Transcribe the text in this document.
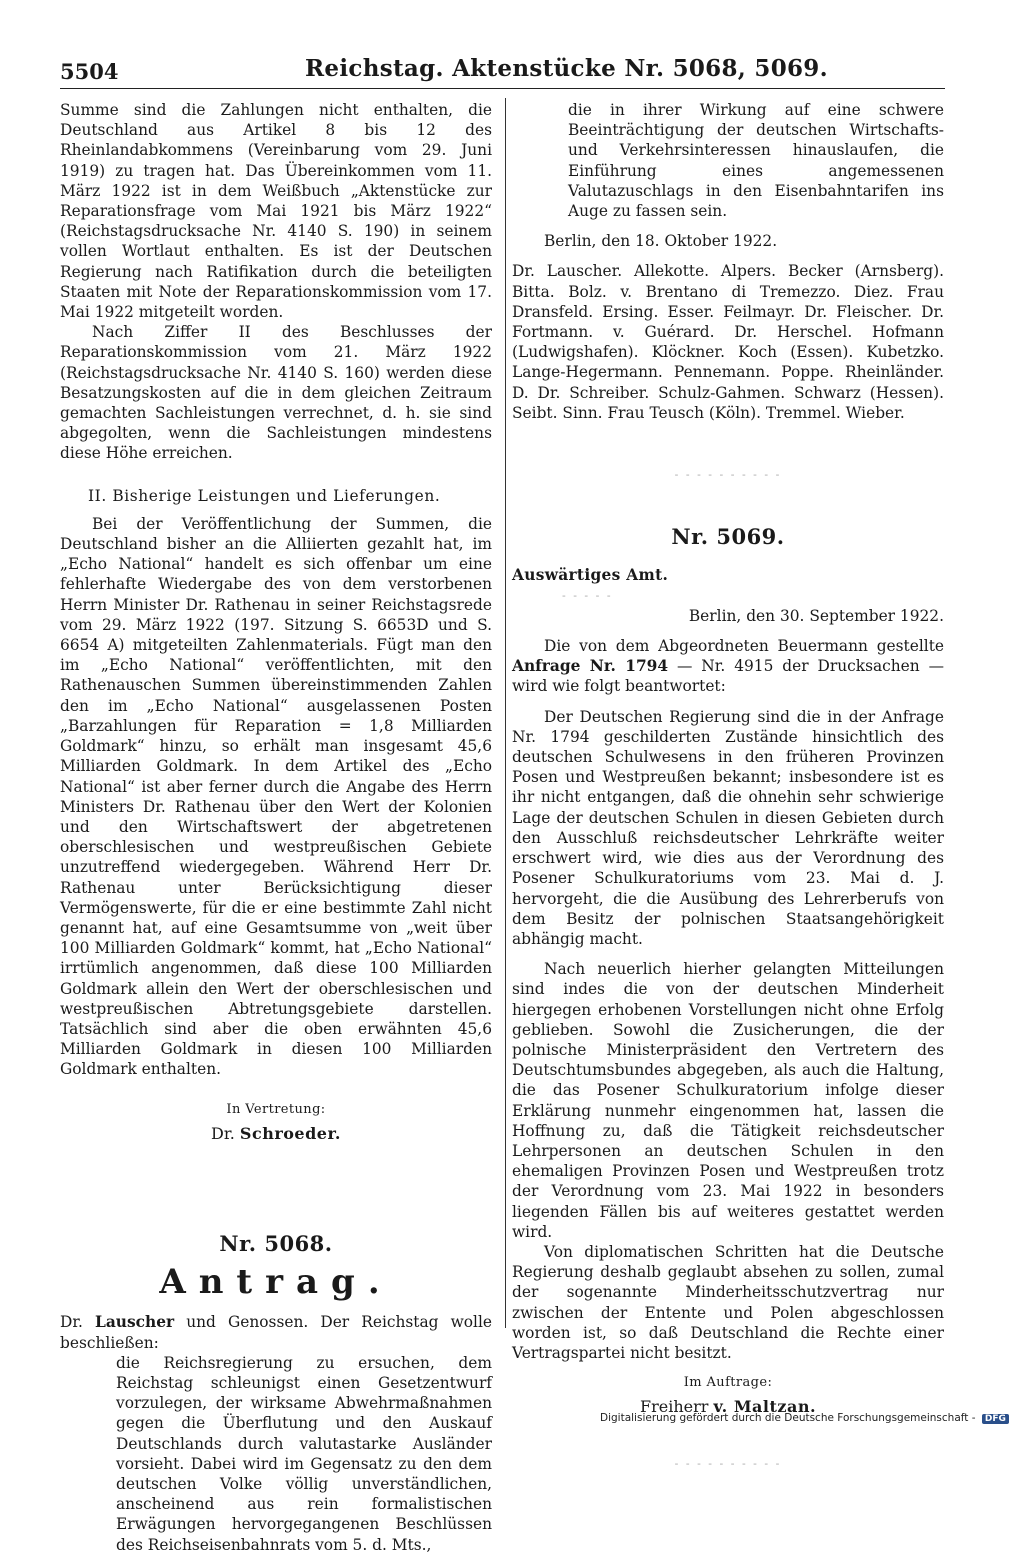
5504	Reichstag. Aktenstücke Nr. 5068, 5069.

Summe sind die Zahlungen nicht enthalten, die Deutschland aus Artikel 8 bis 12 des Rheinlandabkommens (Vereinbarung vom 29. Juni 1919) zu tragen hat. Das Übereinkommen vom 11. März 1922 ist in dem Weißbuch „Aktenstücke zur Reparationsfrage vom Mai 1921 bis März 1922“ (Reichstagsdrucksache Nr. 4140 S. 190) in seinem vollen Wortlaut enthalten. Es ist der Deutschen Regierung nach Ratifikation durch die beteiligten Staaten mit Note der Reparationskommission vom 17. Mai 1922 mitgeteilt worden.

Nach Ziffer II des Beschlusses der Reparationskommission vom 21. März 1922 (Reichstagsdrucksache Nr. 4140 S. 160) werden diese Besatzungskosten auf die in dem gleichen Zeitraum gemachten Sachleistungen verrechnet, d. h. sie sind abgegolten, wenn die Sachleistungen mindestens diese Höhe erreichen.

II. Bisherige Leistungen und Lieferungen.

Bei der Veröffentlichung der Summen, die Deutschland bisher an die Alliierten gezahlt hat, im „Echo National“ handelt es sich offenbar um eine fehlerhafte Wiedergabe des von dem verstorbenen Herrn Minister Dr. Rathenau in seiner Reichstagsrede vom 29. März 1922 (197. Sitzung S. 6653D und S. 6654 A) mitgeteilten Zahlenmaterials. Fügt man den im „Echo National“ veröffentlichten, mit den Rathenauschen Summen übereinstimmenden Zahlen den im „Echo National“ ausgelassenen Posten „Barzahlungen für Reparation = 1,8 Milliarden Goldmark“ hinzu, so erhält man insgesamt 45,6 Milliarden Goldmark. In dem Artikel des „Echo National“ ist aber ferner durch die Angabe des Herrn Ministers Dr. Rathenau über den Wert der Kolonien und den Wirtschaftswert der abgetretenen oberschlesischen und westpreußischen Gebiete unzutreffend wiedergegeben. Während Herr Dr. Rathenau unter Berücksichtigung dieser Vermögenswerte, für die er eine bestimmte Zahl nicht genannt hat, auf eine Gesamtsumme von „weit über 100 Milliarden Goldmark“ kommt, hat „Echo National“ irrtümlich angenommen, daß diese 100 Milliarden Goldmark allein den Wert der oberschlesischen und westpreußischen Abtretungsgebiete darstellen. Tatsächlich sind aber die oben erwähnten 45,6 Milliarden Goldmark in diesen 100 Milliarden Goldmark enthalten.

In Vertretung:

Dr. Schroeder.
Nr. 5068.
Antrag.

Dr. Lauscher und Genossen. Der Reichstag wolle beschließen:

die Reichsregierung zu ersuchen, dem Reichstag schleunigst einen Gesetzentwurf vorzulegen, der wirksame Abwehrmaßnahmen gegen die Überflutung und den Auskauf Deutschlands durch valutastarke Ausländer vorsieht. Dabei wird im Gegensatz zu den dem deutschen Volke völlig unverständlichen, anscheinend aus rein formalistischen Erwägungen hervorgegangenen Beschlüssen des Reichseisenbahnrats vom 5. d. Mts.,

die in ihrer Wirkung auf eine schwere Beeinträchtigung der deutschen Wirtschafts- und Verkehrsinteressen hinauslaufen, die Einführung eines angemessenen Valutazuschlags in den Eisenbahntarifen ins Auge zu fassen sein.

Berlin, den 18. Oktober 1922.

Dr. Lauscher. Allekotte. Alpers. Becker (Arnsberg). Bitta. Bolz. v. Brentano di Tremezzo. Diez. Frau Dransfeld. Ersing. Esser. Feilmayr. Dr. Fleischer. Dr. Fortmann. v. Guérard. Dr. Herschel. Hofmann (Ludwigshafen). Klöckner. Koch (Essen). Kubetzko. Lange-Hegermann. Pennemann. Poppe. Rheinländer. D. Dr. Schreiber. Schulz-Gahmen. Schwarz (Hessen). Seibt. Sinn. Frau Teusch (Köln). Tremmel. Wieber.

- - - - - - - - - -
Nr. 5069.

Auswärtiges Amt.

- - - - -

Berlin, den 30. September 1922.

Die von dem Abgeordneten Beuermann gestellte Anfrage Nr. 1794 — Nr. 4915 der Drucksachen — wird wie folgt beantwortet:

Der Deutschen Regierung sind die in der Anfrage Nr. 1794 geschilderten Zustände hinsichtlich des deutschen Schulwesens in den früheren Provinzen Posen und Westpreußen bekannt; insbesondere ist es ihr nicht entgangen, daß die ohnehin sehr schwierige Lage der deutschen Schulen in diesen Gebieten durch den Ausschluß reichsdeutscher Lehrkräfte weiter erschwert wird, wie dies aus der Verordnung des Posener Schulkuratoriums vom 23. Mai d. J. hervorgeht, die die Ausübung des Lehrerberufs von dem Besitz der polnischen Staatsangehörigkeit abhängig macht.

Nach neuerlich hierher gelangten Mitteilungen sind indes die von der deutschen Minderheit hiergegen erhobenen Vorstellungen nicht ohne Erfolg geblieben. Sowohl die Zusicherungen, die der polnische Ministerpräsident den Vertretern des Deutschtumsbundes abgegeben, als auch die Haltung, die das Posener Schulkuratorium infolge dieser Erklärung nunmehr eingenommen hat, lassen die Hoffnung zu, daß die Tätigkeit reichsdeutscher Lehrpersonen an deutschen Schulen in den ehemaligen Provinzen Posen und Westpreußen trotz der Verordnung vom 23. Mai 1922 in besonders liegenden Fällen bis auf weiteres gestattet werden wird.

Von diplomatischen Schritten hat die Deutsche Regierung deshalb geglaubt absehen zu sollen, zumal der sogenannte Minderheitsschutzvertrag nur zwischen der Entente und Polen abgeschlossen worden ist, so daß Deutschland die Rechte einer Vertragspartei nicht besitzt.

Im Auftrage:

Freiherr v. Maltzan.
- - - - - - - - - -
Digitalisierung gefördert durch die Deutsche Forschungsgemeinschaft - DFG
